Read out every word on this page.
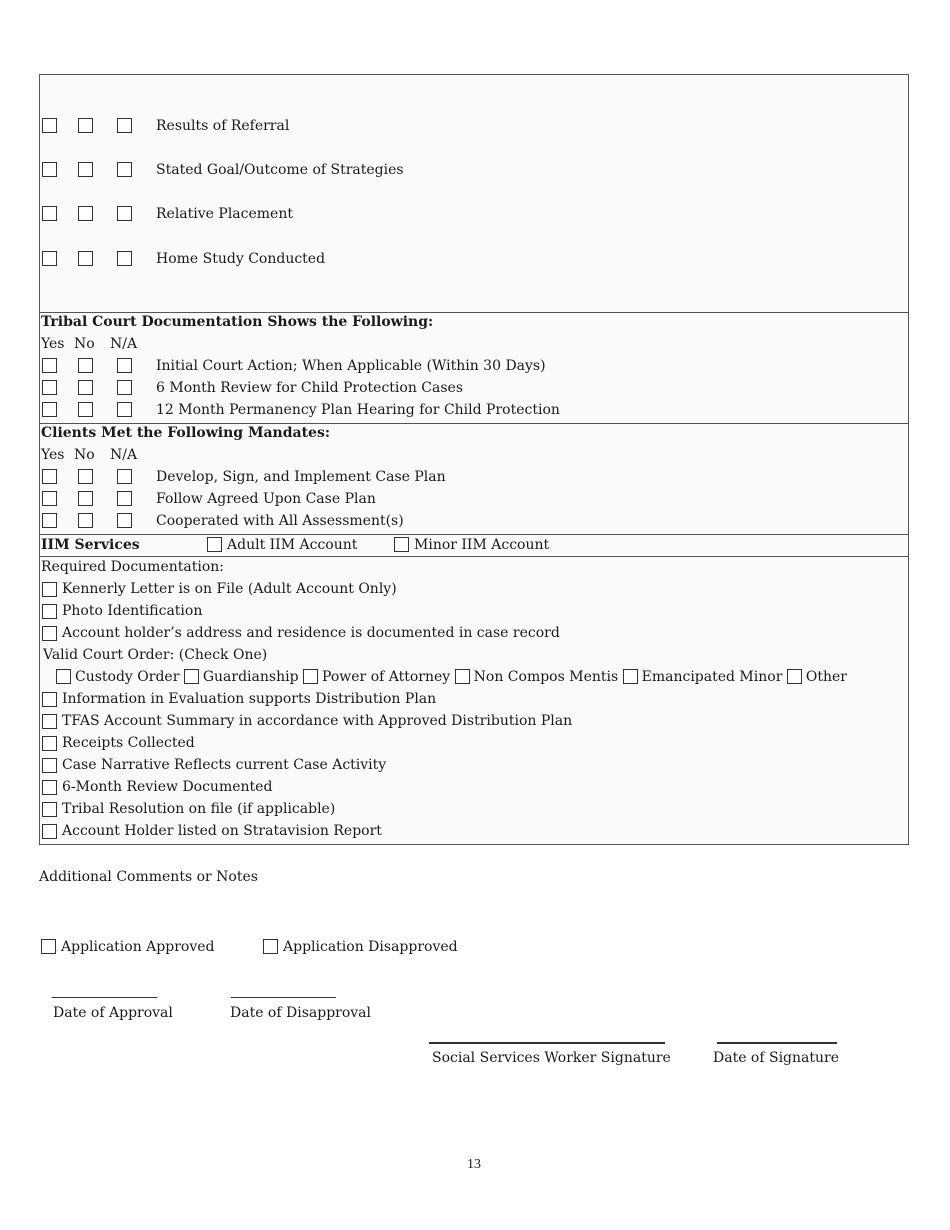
Results of Referral
Stated Goal/Outcome of Strategies
Relative Placement
Home Study Conducted
Tribal Court Documentation Shows the Following:
Yes No N/A
Initial Court Action; When Applicable (Within 30 Days)
6 Month Review for Child Protection Cases
12 Month Permanency Plan Hearing for Child Protection
Clients Met the Following Mandates:
Yes No N/A
Develop, Sign, and Implement Case Plan
Follow Agreed Upon Case Plan
Cooperated with All Assessment(s)
IIM Services	Adult IIM Account	Minor IIM Account
Required Documentation:
Kennerly Letter is on File (Adult Account Only)
Photo Identification
Account holder’s address and residence is documented in case record
Valid Court Order: (Check One)
Custody Order Guardianship Power of Attorney Non Compos Mentis Emancipated Minor Other
Information in Evaluation supports Distribution Plan
TFAS Account Summary in accordance with Approved Distribution Plan
Receipts Collected
Case Narrative Reflects current Case Activity
6-Month Review Documented
Tribal Resolution on file (if applicable)
Account Holder listed on Stratavision Report
Additional Comments or Notes
Application Approved	Application Disapproved
Date of Approval	Date of Disapproval
Social Services Worker Signature	Date of Signature
13
